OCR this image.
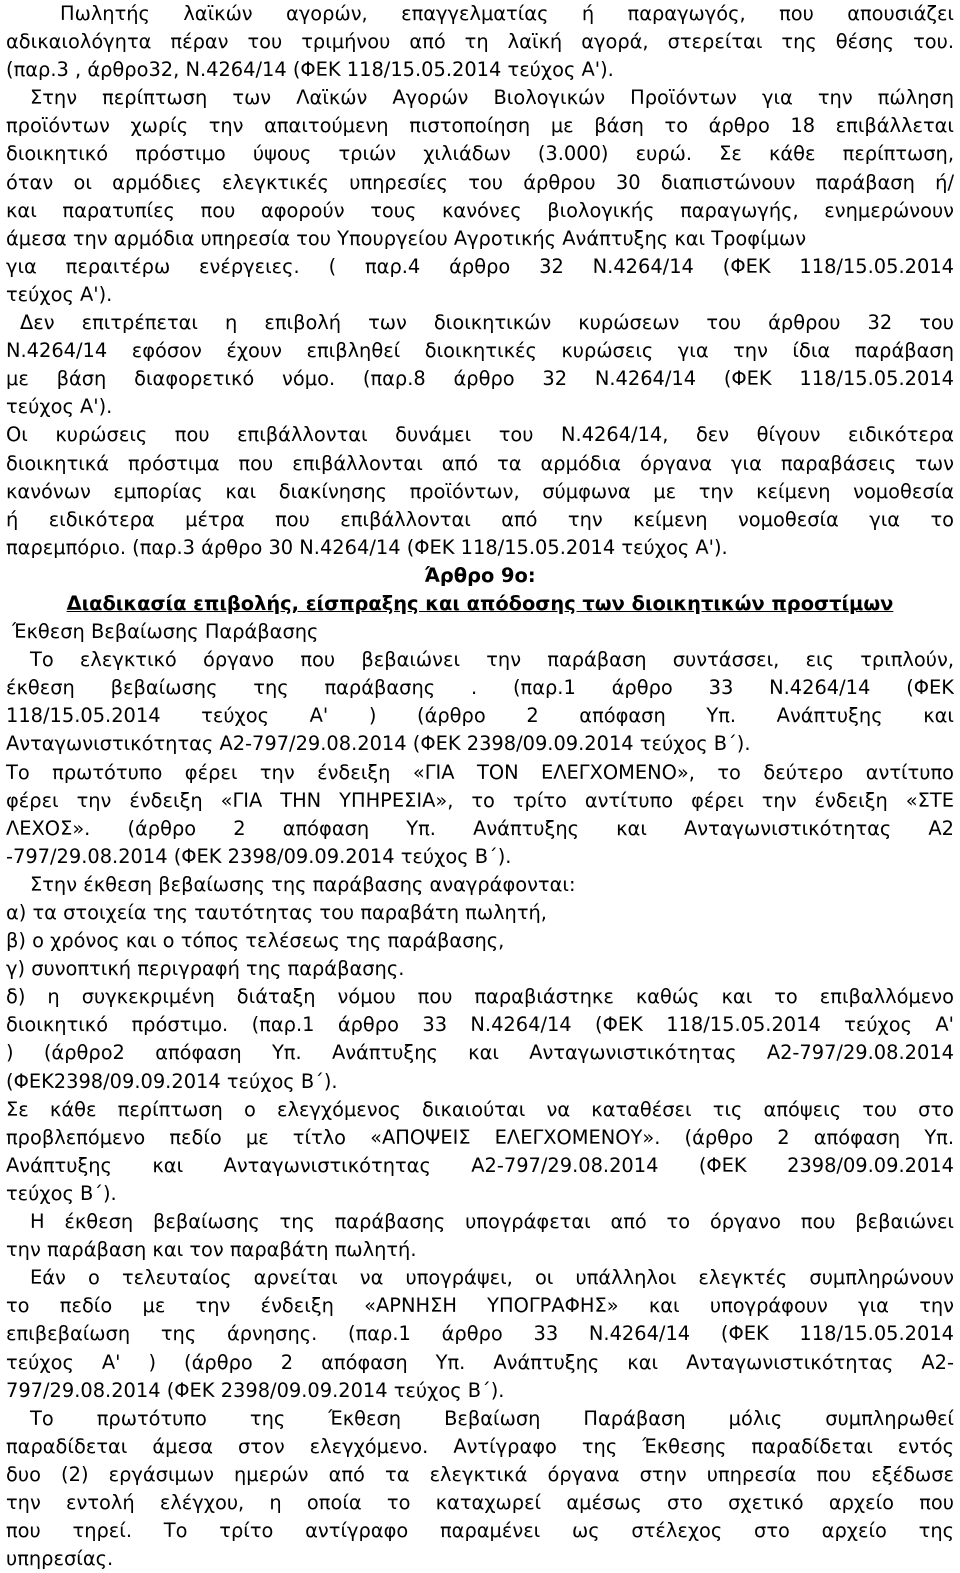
Πωλητής λαϊκών αγορών, επαγγελματίας ή παραγωγός, που απουσιάζει
αδικαιολόγητα πέραν του τριμήνου από τη λαϊκή αγορά, στερείται της θέσης του.
(παρ.3 , άρθρο32, Ν.4264/14 (ΦΕΚ 118/15.05.2014 τεύχος Α').
Στην περίπτωση των Λαϊκών Αγορών Βιολογικών Προϊόντων για την πώληση
προϊόντων χωρίς την απαιτούμενη πιστοποίηση με βάση το άρθρο 18 επιβάλλεται
διοικητικό πρόστιμο ύψους τριών χιλιάδων (3.000) ευρώ. Σε κάθε περίπτωση,
όταν οι αρμόδιες ελεγκτικές υπηρεσίες του άρθρου 30 διαπιστώνουν παράβαση ή/
και παρατυπίες που αφορούν τους κανόνες βιολογικής παραγωγής, ενημερώνουν
άμεσα την αρμόδια υπηρεσία του Υπουργείου Αγροτικής Ανάπτυξης και Τροφίμων
για περαιτέρω ενέργειες. ( παρ.4 άρθρο 32 Ν.4264/14 (ΦΕΚ 118/15.05.2014
τεύχος Α').
Δεν επιτρέπεται η επιβολή των διοικητικών κυρώσεων του άρθρου 32 του
Ν.4264/14 εφόσον έχουν επιβληθεί διοικητικές κυρώσεις για την ίδια παράβαση
με βάση διαφορετικό νόμο. (παρ.8 άρθρο 32 Ν.4264/14 (ΦΕΚ 118/15.05.2014
τεύχος Α').
Οι κυρώσεις που επιβάλλονται δυνάμει του Ν.4264/14, δεν θίγουν ειδικότερα
διοικητικά πρόστιμα που επιβάλλονται από τα αρμόδια όργανα για παραβάσεις των
κανόνων εμπορίας και διακίνησης προϊόντων, σύμφωνα με την κείμενη νομοθεσία
ή ειδικότερα μέτρα που επιβάλλονται από την κείμενη νομοθεσία για το
παρεμπόριο. (παρ.3 άρθρο 30 Ν.4264/14 (ΦΕΚ 118/15.05.2014 τεύχος Α').
Άρθρο 9ο:
Διαδικασία επιβολής, είσπραξης και απόδοσης των διοικητικών προστίμων
Έκθεση Βεβαίωσης Παράβασης
Το ελεγκτικό όργανο που βεβαιώνει την παράβαση συντάσσει, εις τριπλούν,
έκθεση βεβαίωσης της παράβασης . (παρ.1 άρθρο 33 Ν.4264/14 (ΦΕΚ
118/15.05.2014 τεύχος Α' ) (άρθρο 2 απόφαση Υπ. Ανάπτυξης και
Ανταγωνιστικότητας Α2-797/29.08.2014 (ΦΕΚ 2398/09.09.2014 τεύχος Β΄).
Το πρωτότυπο φέρει την ένδειξη «ΓΙΑ ΤΟΝ ΕΛΕΓΧΟΜΕΝΟ», το δεύτερο αντίτυπο
φέρει την ένδειξη «ΓΙΑ ΤΗΝ ΥΠΗΡΕΣΙΑ», το τρίτο αντίτυπο φέρει την ένδειξη «ΣΤΕ
ΛΕΧΟΣ». (άρθρο 2 απόφαση Υπ. Ανάπτυξης και Ανταγωνιστικότητας Α2
-797/29.08.2014 (ΦΕΚ 2398/09.09.2014 τεύχος Β΄).
Στην έκθεση βεβαίωσης της παράβασης αναγράφονται:
α) τα στοιχεία της ταυτότητας του παραβάτη πωλητή,
β) ο χρόνος και ο τόπος τελέσεως της παράβασης,
γ) συνοπτική περιγραφή της παράβασης.
δ) η συγκεκριμένη διάταξη νόμου που παραβιάστηκε καθώς και το επιβαλλόμενο
διοικητικό πρόστιμο. (παρ.1 άρθρο 33 Ν.4264/14 (ΦΕΚ 118/15.05.2014 τεύχος Α'
) (άρθρο2 απόφαση Υπ. Ανάπτυξης και Ανταγωνιστικότητας Α2-797/29.08.2014
(ΦΕΚ2398/09.09.2014 τεύχος Β΄).
Σε κάθε περίπτωση ο ελεγχόμενος δικαιούται να καταθέσει τις απόψεις του στο
προβλεπόμενο πεδίο με τίτλο «ΑΠΟΨΕΙΣ ΕΛΕΓΧΟΜΕΝΟΥ». (άρθρο 2 απόφαση Υπ.
Ανάπτυξης και Ανταγωνιστικότητας Α2-797/29.08.2014 (ΦΕΚ 2398/09.09.2014
τεύχος Β΄).
Η έκθεση βεβαίωσης της παράβασης υπογράφεται από το όργανο που βεβαιώνει
την παράβαση και τον παραβάτη πωλητή.
Εάν ο τελευταίος αρνείται να υπογράψει, οι υπάλληλοι ελεγκτές συμπληρώνουν
το πεδίο με την ένδειξη «ΑΡΝΗΣΗ ΥΠΟΓΡΑΦΗΣ» και υπογράφουν για την
επιβεβαίωση της άρνησης. (παρ.1 άρθρο 33 Ν.4264/14 (ΦΕΚ 118/15.05.2014
τεύχος Α' ) (άρθρο 2 απόφαση Υπ. Ανάπτυξης και Ανταγωνιστικότητας Α2-
797/29.08.2014 (ΦΕΚ 2398/09.09.2014 τεύχος Β΄).
Το πρωτότυπο της Έκθεση Βεβαίωση Παράβαση μόλις συμπληρωθεί
παραδίδεται άμεσα στον ελεγχόμενο. Αντίγραφο της Έκθεσης παραδίδεται εντός
δυο (2) εργάσιμων ημερών από τα ελεγκτικά όργανα στην υπηρεσία που εξέδωσε
την εντολή ελέγχου, η οποία το καταχωρεί αμέσως στο σχετικό αρχείο που
που τηρεί. Το τρίτο αντίγραφο παραμένει ως στέλεχος στο αρχείο της
υπηρεσίας.
